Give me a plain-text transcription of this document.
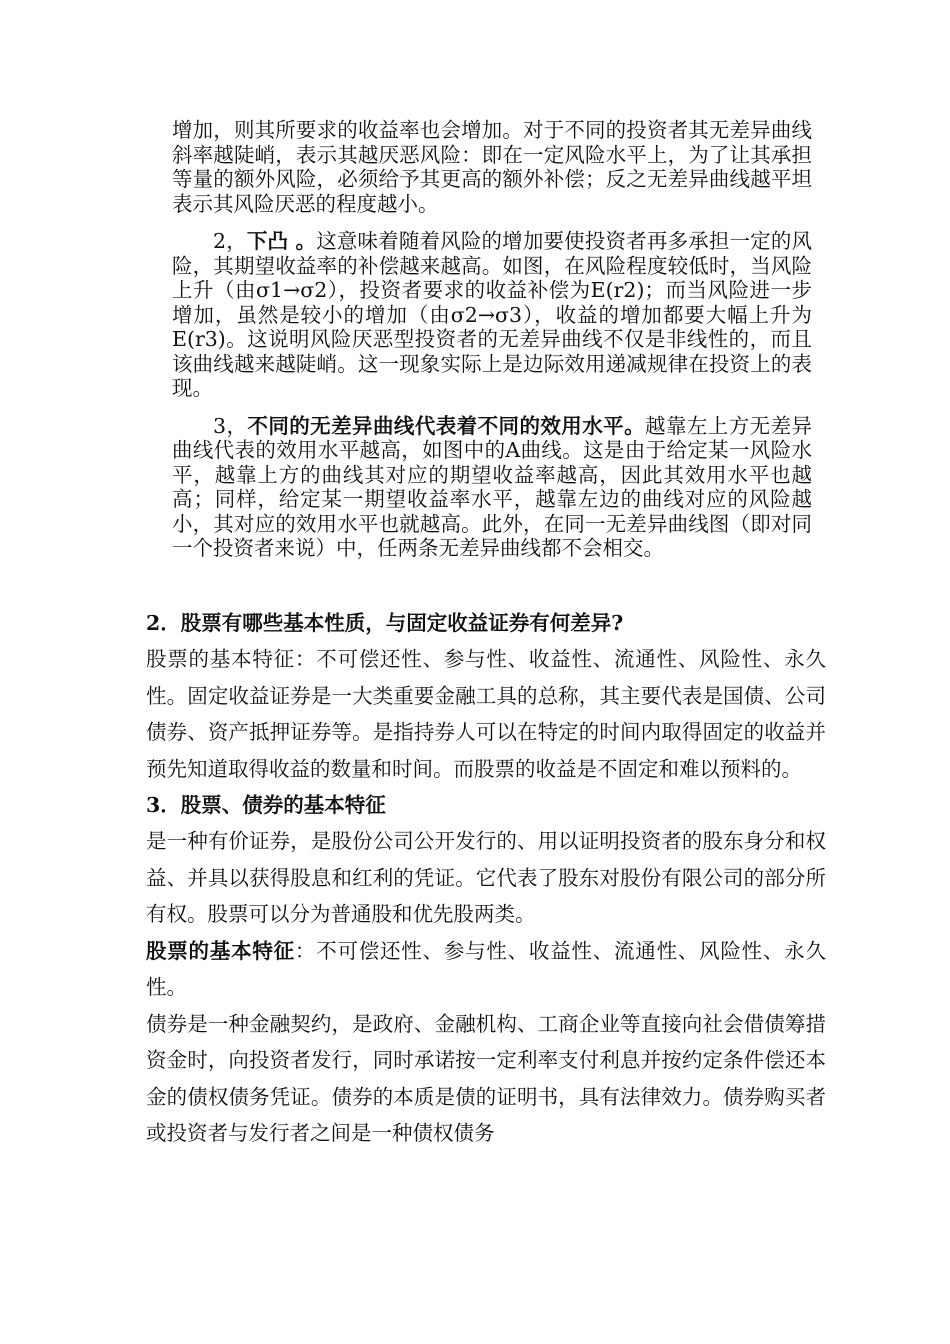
增加，则其所要求的收益率也会增加。对于不同的投资者其无差异曲线斜率越陡峭，表示其越厌恶风险：即在一定风险水平上，为了让其承担等量的额外风险，必须给予其更高的额外补偿；反之无差异曲线越平坦表示其风险厌恶的程度越小。

2，下凸 。这意味着随着风险的增加要使投资者再多承担一定的风险，其期望收益率的补偿越来越高。如图，在风险程度较低时，当风险上升（由σ1→σ2），投资者要求的收益补偿为E(r2)；而当风险进一步增加，虽然是较小的增加（由σ2→σ3），收益的增加都要大幅上升为E(r3)。这说明风险厌恶型投资者的无差异曲线不仅是非线性的，而且该曲线越来越陡峭。这一现象实际上是边际效用递减规律在投资上的表现。

3，不同的无差异曲线代表着不同的效用水平。越靠左上方无差异曲线代表的效用水平越高，如图中的A曲线。这是由于给定某一风险水平，越靠上方的曲线其对应的期望收益率越高，因此其效用水平也越高；同样，给定某一期望收益率水平，越靠左边的曲线对应的风险越小，其对应的效用水平也就越高。此外，在同一无差异曲线图（即对同一个投资者来说）中，任两条无差异曲线都不会相交。

2．股票有哪些基本性质，与固定收益证券有何差异?

股票的基本特征：不可偿还性、参与性、收益性、流通性、风险性、永久性。固定收益证券是一大类重要金融工具的总称，其主要代表是国债、公司债券、资产抵押证券等。是指持券人可以在特定的时间内取得固定的收益并预先知道取得收益的数量和时间。而股票的收益是不固定和难以预料的。

3．股票、债券的基本特征

是一种有价证券，是股份公司公开发行的、用以证明投资者的股东身分和权益、并具以获得股息和红利的凭证。它代表了股东对股份有限公司的部分所有权。股票可以分为普通股和优先股两类。

股票的基本特征：不可偿还性、参与性、收益性、流通性、风险性、永久性。

债券是一种金融契约，是政府、金融机构、工商企业等直接向社会借债筹措资金时，向投资者发行，同时承诺按一定利率支付利息并按约定条件偿还本金的债权债务凭证。债券的本质是债的证明书，具有法律效力。债券购买者或投资者与发行者之间是一种债权债务
